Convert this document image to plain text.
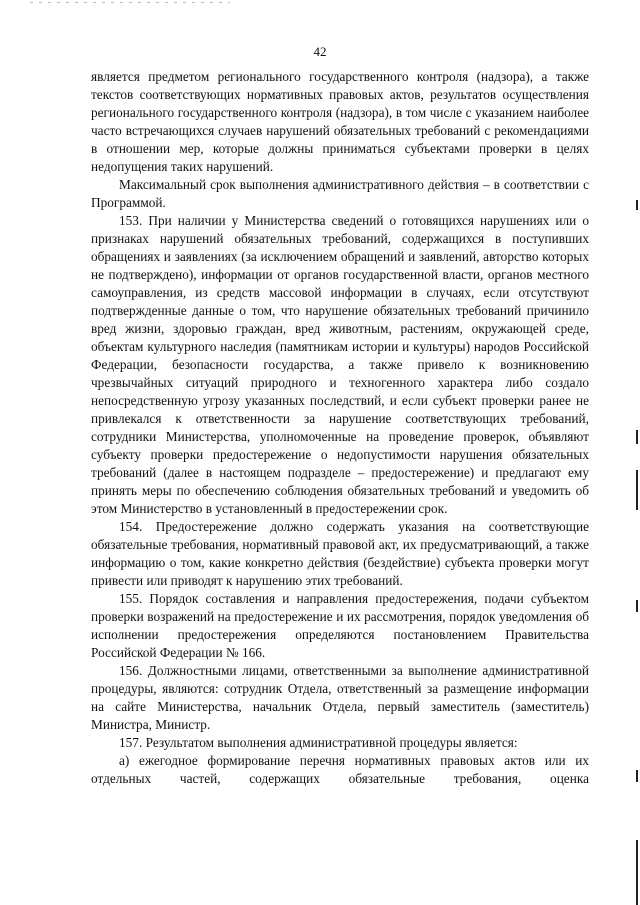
42

является предметом регионального государственного контроля (надзора), а также текстов соответствующих нормативных правовых актов, результатов осуществления регионального государственного контроля (надзора), в том числе с указанием наиболее часто встречающихся случаев нарушений обязательных требований с рекомендациями в отношении мер, которые должны приниматься субъектами проверки в целях недопущения таких нарушений.

Максимальный срок выполнения административного действия – в соответствии с Программой.

153. При наличии у Министерства сведений о готовящихся нарушениях или о признаках нарушений обязательных требований, содержащихся в поступивших обращениях и заявлениях (за исключением обращений и заявлений, авторство которых не подтверждено), информации от органов государственной власти, органов местного самоуправления, из средств массовой информации в случаях, если отсутствуют подтвержденные данные о том, что нарушение обязательных требований причинило вред жизни, здоровью граждан, вред животным, растениям, окружающей среде, объектам культурного наследия (памятникам истории и культуры) народов Российской Федерации, безопасности государства, а также привело к возникновению чрезвычайных ситуаций природного и техногенного характера либо создало непосредственную угрозу указанных последствий, и если субъект проверки ранее не привлекался к ответственности за нарушение соответствующих требований, сотрудники Министерства, уполномоченные на проведение проверок, объявляют субъекту проверки предостережение о недопустимости нарушения обязательных требований (далее в настоящем подразделе – предостережение) и предлагают ему принять меры по обеспечению соблюдения обязательных требований и уведомить об этом Министерство в установленный в предостережении срок.

154. Предостережение должно содержать указания на соответствующие обязательные требования, нормативный правовой акт, их предусматривающий, а также информацию о том, какие конкретно действия (бездействие) субъекта проверки могут привести или приводят к нарушению этих требований.

155. Порядок составления и направления предостережения, подачи субъектом проверки возражений на предостережение и их рассмотрения, порядок уведомления об исполнении предостережения определяются постановлением Правительства Российской Федерации № 166.

156. Должностными лицами, ответственными за выполнение административной процедуры, являются: сотрудник Отдела, ответственный за размещение информации на сайте Министерства, начальник Отдела, первый заместитель (заместитель) Министра, Министр.

157. Результатом выполнения административной процедуры является:

а) ежегодное формирование перечня нормативных правовых актов или их отдельных частей, содержащих обязательные требования, оценка
